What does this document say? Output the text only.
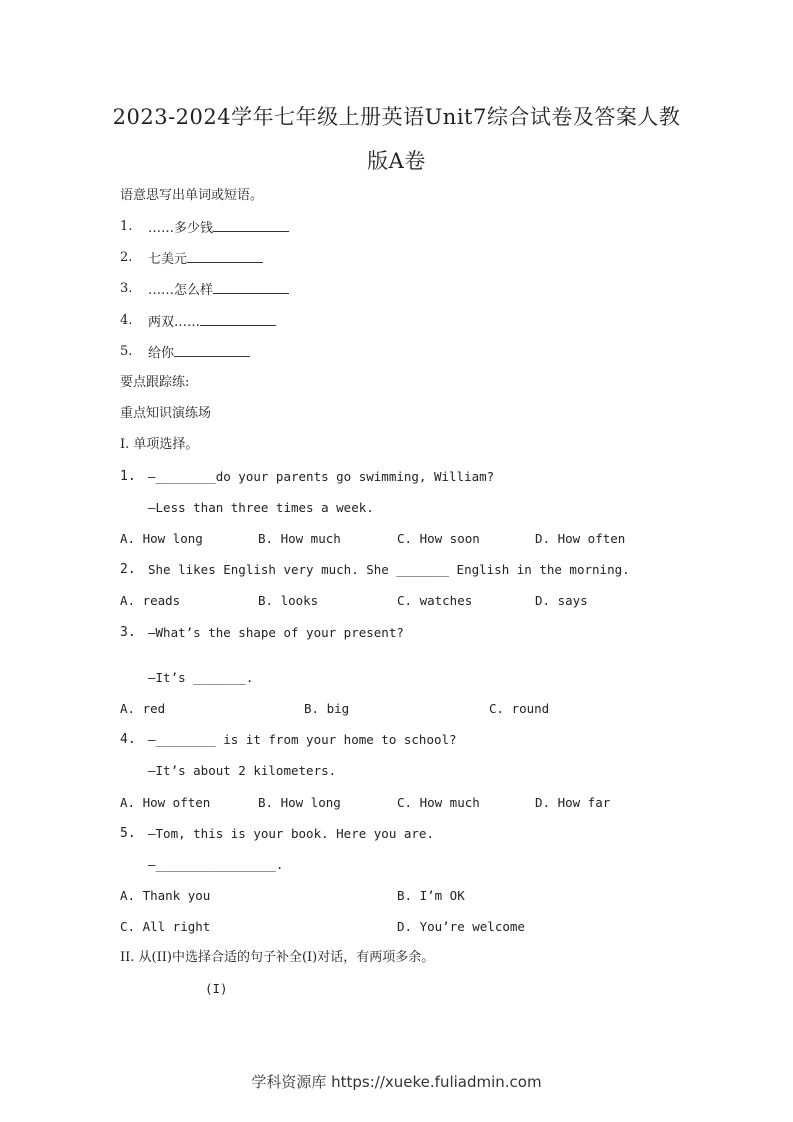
2023-2024学年七年级上册英语Unit7综合试卷及答案人教
版A卷
语意思写出单词或短语。
1. ……多少钱
2. 七美元
3. ……怎么样
4. 两双……
5. 给你
要点跟踪练:
重点知识演练场
I. 单项选择。
1. —________do your parents go swimming, William?
—Less than three times a week.
A. How long	B. How much	C. How soon	D. How often
2. She likes English very much. She _______ English in the morning.
A. reads	B. looks	C. watches	D. says
3. —What’s the shape of your present?
—It’s _______.
A. red	B. big	C. round
4. —________ is it from your home to school?
—It’s about 2 kilometers.
A. How often	B. How long	C. How much	D. How far
5. —Tom, this is your book. Here you are.
—________________.
A. Thank you	B. I’m OK
C. All right	D. You’re welcome
II. 从(II)中选择合适的句子补全(I)对话，有两项多余。
(I)
学科资源库 https://xueke.fuliadmin.com
